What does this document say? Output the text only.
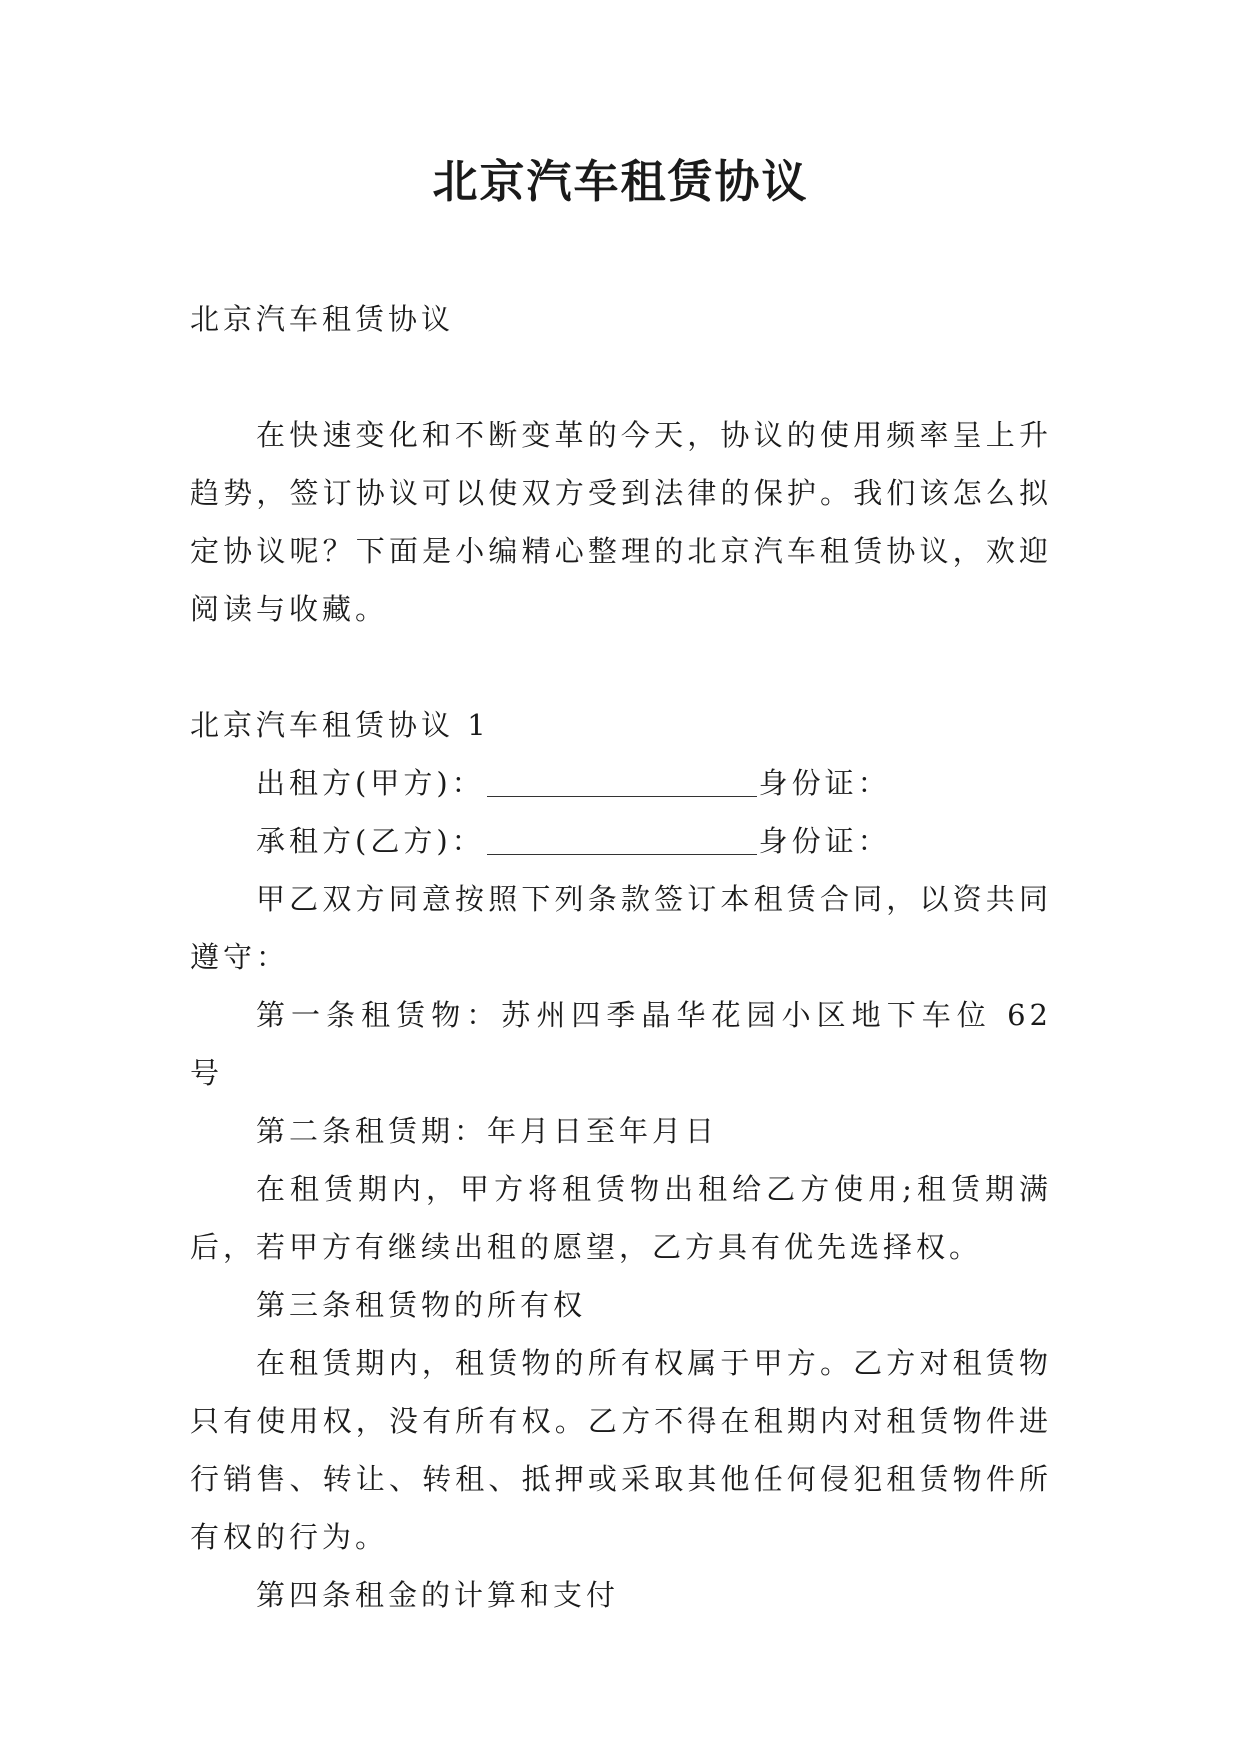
北京汽车租赁协议

北京汽车租赁协议

在快速变化和不断变革的今天，协议的使用频率呈上升趋势，签订协议可以使双方受到法律的保护。我们该怎么拟定协议呢？下面是小编精心整理的北京汽车租赁协议，欢迎阅读与收藏。

北京汽车租赁协议 1

出租方(甲方)：	身份证：

承租方(乙方)：	身份证：

甲乙双方同意按照下列条款签订本租赁合同，以资共同遵守：

第一条租赁物：苏州四季晶华花园小区地下车位 62 号

第二条租赁期：年月日至年月日

在租赁期内，甲方将租赁物出租给乙方使用;租赁期满后，若甲方有继续出租的愿望，乙方具有优先选择权。

第三条租赁物的所有权

在租赁期内，租赁物的所有权属于甲方。乙方对租赁物只有使用权，没有所有权。乙方不得在租期内对租赁物件进行销售、转让、转租、抵押或采取其他任何侵犯租赁物件所有权的行为。

第四条租金的计算和支付
